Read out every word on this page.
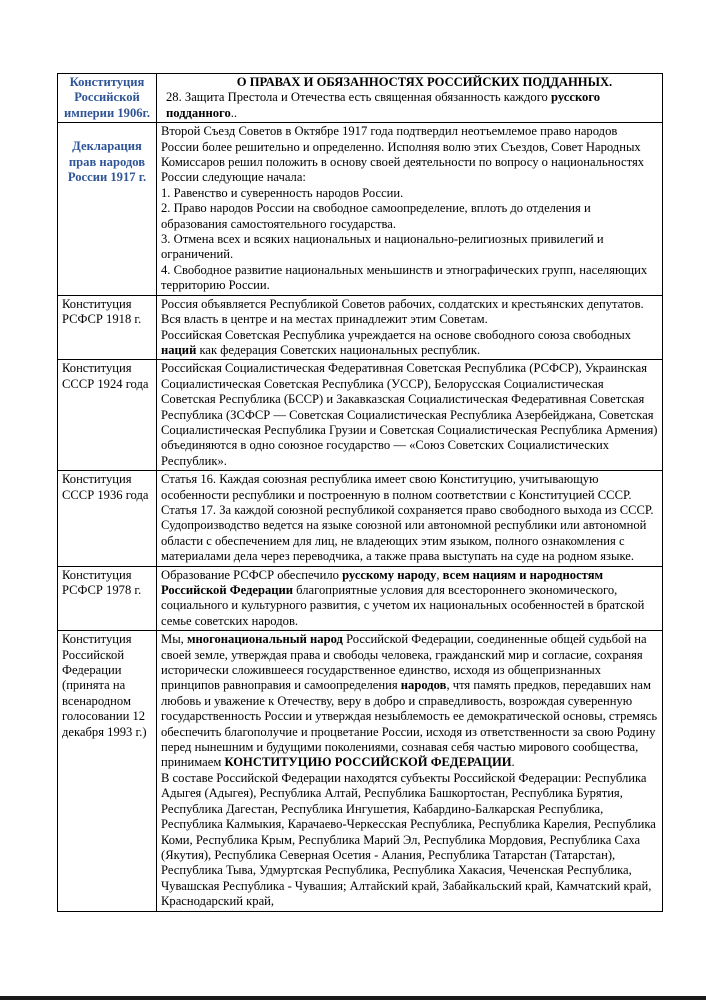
Конституция Российской империи 1906г.	О ПРАВАХ И ОБЯЗАННОСТЯХ РОССИЙСКИХ ПОДДАННЫХ.
28. Защита Престола и Отечества есть священная обязанность каждого русского подданного..

Декларация прав народов России 1917 г.	Второй Съезд Советов в Октябре 1917 года подтвердил неотъемлемое право народов России более решительно и определенно. Исполняя волю этих Съездов, Совет Народных Комиссаров решил положить в основу своей деятельности по вопросу о национальностях России следующие начала:
1. Равенство и суверенность народов России.
2. Право народов России на свободное самоопределение, вплоть до отделения и образования самостоятельного государства.
3. Отмена всех и всяких национальных и национально-религиозных привилегий и ограничений.
4. Свободное развитие национальных меньшинств и этнографических групп, населяющих территорию России.

Конституция РСФСР 1918 г.	Россия объявляется Республикой Советов рабочих, солдатских и крестьянских депутатов. Вся власть в центре и на местах принадлежит этим Советам.
Российская Советская Республика учреждается на основе свободного союза свободных наций как федерация Советских национальных республик.

Конституция СССР 1924 года	Российская Социалистическая Федеративная Советская Республика (РСФСР), Украинская Социалистическая Советская Республика (УССР), Белорусская Социалистическая Советская Республика (БССР) и Закавказская Социалистическая Федеративная Советская Республика (ЗСФСР — Советская Социалистическая Республика Азербейджана, Советская Социалистическая Республика Грузии и Советская Социалистическая Республика Армения) объединяются в одно союзное государство — «Союз Советских Социалистических Республик».

Конституция СССР 1936 года	Статья 16. Каждая союзная республика имеет свою Конституцию, учитывающую особенности республики и построенную в полном соответствии с Конституцией СССР.
Статья 17. За каждой союзной республикой сохраняется право свободного выхода из СССР.
Судопроизводство ведется на языке союзной или автономной республики или автономной области с обеспечением для лиц, не владеющих этим языком, полного ознакомления с материалами дела через переводчика, а также права выступать на суде на родном языке.

Конституция РСФСР 1978 г.	Образование РСФСР обеспечило русскому народу, всем нациям и народностям Российской Федерации благоприятные условия для всестороннего экономического, социального и культурного развития, с учетом их национальных особенностей в братской семье советских народов.

Конституция Российской Федерации (принята на всенародном голосовании 12 декабря 1993 г.)	Мы, многонациональный народ Российской Федерации, соединенные общей судьбой на своей земле, утверждая права и свободы человека, гражданский мир и согласие, сохраняя исторически сложившееся государственное единство, исходя из общепризнанных принципов равноправия и самоопределения народов, чтя память предков, передавших нам любовь и уважение к Отечеству, веру в добро и справедливость, возрождая суверенную государственность России и утверждая незыблемость ее демократической основы, стремясь обеспечить благополучие и процветание России, исходя из ответственности за свою Родину перед нынешним и будущими поколениями, сознавая себя частью мирового сообщества,
принимаем КОНСТИТУЦИЮ РОССИЙСКОЙ ФЕДЕРАЦИИ.
В составе Российской Федерации находятся субъекты Российской Федерации: Республика Адыгея (Адыгея), Республика Алтай, Республика Башкортостан, Республика Бурятия, Республика Дагестан, Республика Ингушетия, Кабардино-Балкарская Республика, Республика Калмыкия, Карачаево-Черкесская Республика, Республика Карелия, Республика Коми, Республика Крым, Республика Марий Эл, Республика Мордовия, Республика Саха (Якутия), Республика Северная Осетия - Алания, Республика Татарстан (Татарстан), Республика Тыва, Удмуртская Республика, Республика Хакасия, Чеченская Республика, Чувашская Республика - Чувашия; Алтайский край, Забайкальский край, Камчатский край, Краснодарский край,
